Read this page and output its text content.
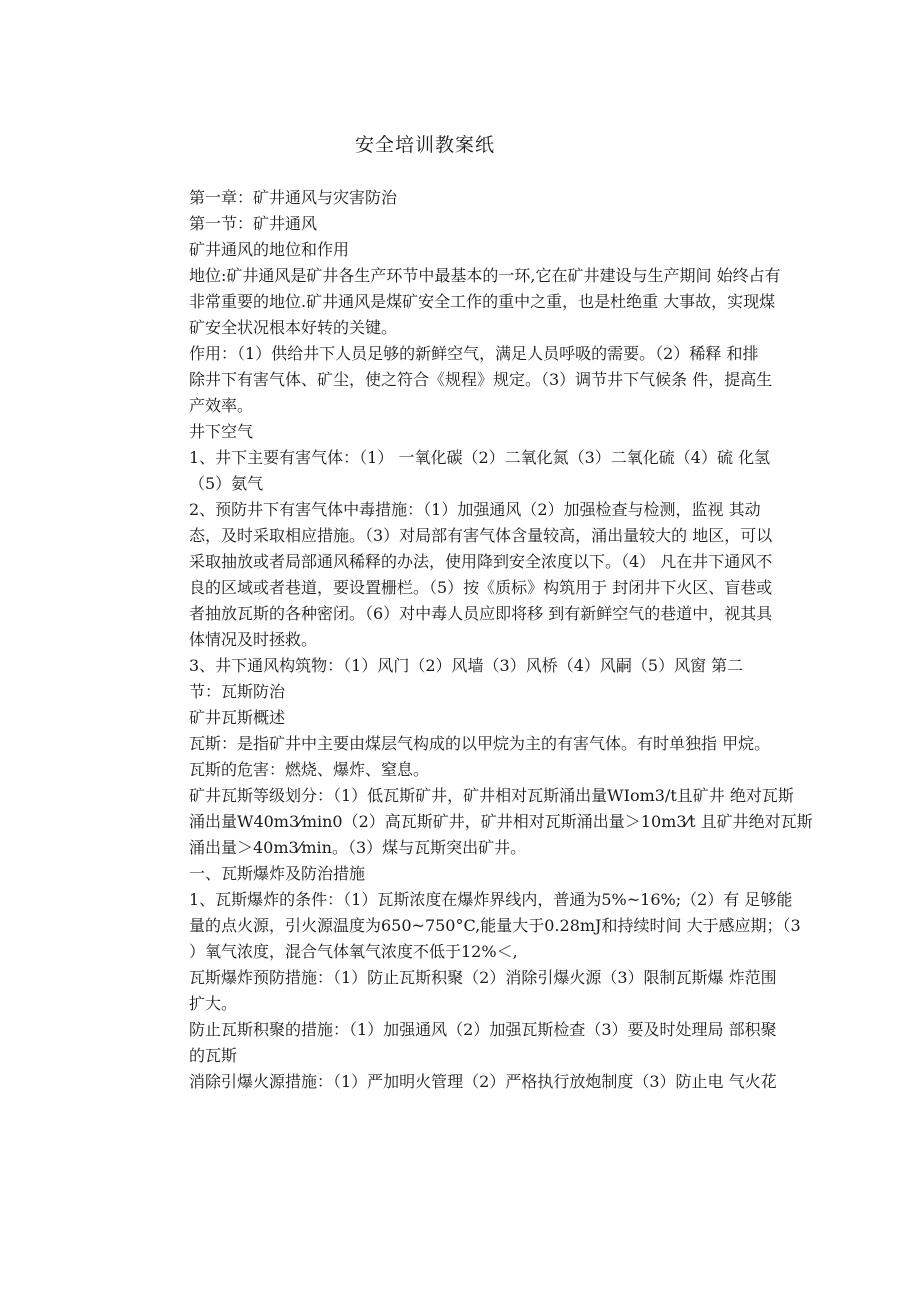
安全培训教案纸
第一章：矿井通风与灾害防治
第一节：矿井通风
矿井通风的地位和作用
地位:矿井通风是矿井各生产环节中最基本的一环,它在矿井建设与生产期间 始终占有
非常重要的地位.矿井通风是煤矿安全工作的重中之重，也是杜绝重 大事故，实现煤
矿安全状况根本好转的关键。
作用：（1）供给井下人员足够的新鲜空气，满足人员呼吸的需要。（2）稀释 和排
除井下有害气体、矿尘，使之符合《规程》规定。（3）调节井下气候条 件，提高生
产效率。
井下空气
1、井下主要有害气体：（1） 一氧化碳（2）二氧化氮（3）二氧化硫（4）硫 化氢
（5）氨气
2、预防井下有害气体中毒措施：（1）加强通风（2）加强检查与检测，监视 其动
态，及时采取相应措施。（3）对局部有害气体含量较高，涌出量较大的 地区，可以
采取抽放或者局部通风稀释的办法，使用降到安全浓度以下。（4） 凡在井下通风不
良的区域或者巷道，要设置栅栏。（5）按《质标》构筑用于 封闭井下火区、盲巷或
者抽放瓦斯的各种密闭。（6）对中毒人员应即将移 到有新鲜空气的巷道中，视其具
体情况及时拯救。
3、井下通风构筑物：（1）风门（2）风墙（3）风桥（4）风嗣（5）风窗 第二
节：瓦斯防治
矿井瓦斯概述
瓦斯：是指矿井中主要由煤层气构成的以甲烷为主的有害气体。有时单独指 甲烷。
瓦斯的危害：燃烧、爆炸、窒息。
矿井瓦斯等级划分：（1）低瓦斯矿井，矿井相对瓦斯涌出量WIom3/t且矿井 绝对瓦斯
涌出量W40m3⁄min0（2）高瓦斯矿井，矿井相对瓦斯涌出量＞10m3⁄t 且矿井绝对瓦斯
涌出量＞40m3⁄min。（3）煤与瓦斯突出矿井。
一、瓦斯爆炸及防治措施
1、瓦斯爆炸的条件：（1）瓦斯浓度在爆炸界线内，普通为5%~16%;（2）有 足够能
量的点火源，引火源温度为650~750°C,能量大于0.28mJ和持续时间 大于感应期；（3
）氧气浓度，混合气体氧气浓度不低于12%＜,
瓦斯爆炸预防措施：（1）防止瓦斯积聚（2）消除引爆火源（3）限制瓦斯爆 炸范围
扩大。
防止瓦斯积聚的措施：（1）加强通风（2）加强瓦斯检查（3）要及时处理局 部积聚
的瓦斯
消除引爆火源措施：（1）严加明火管理（2）严格执行放炮制度（3）防止电 气火花
